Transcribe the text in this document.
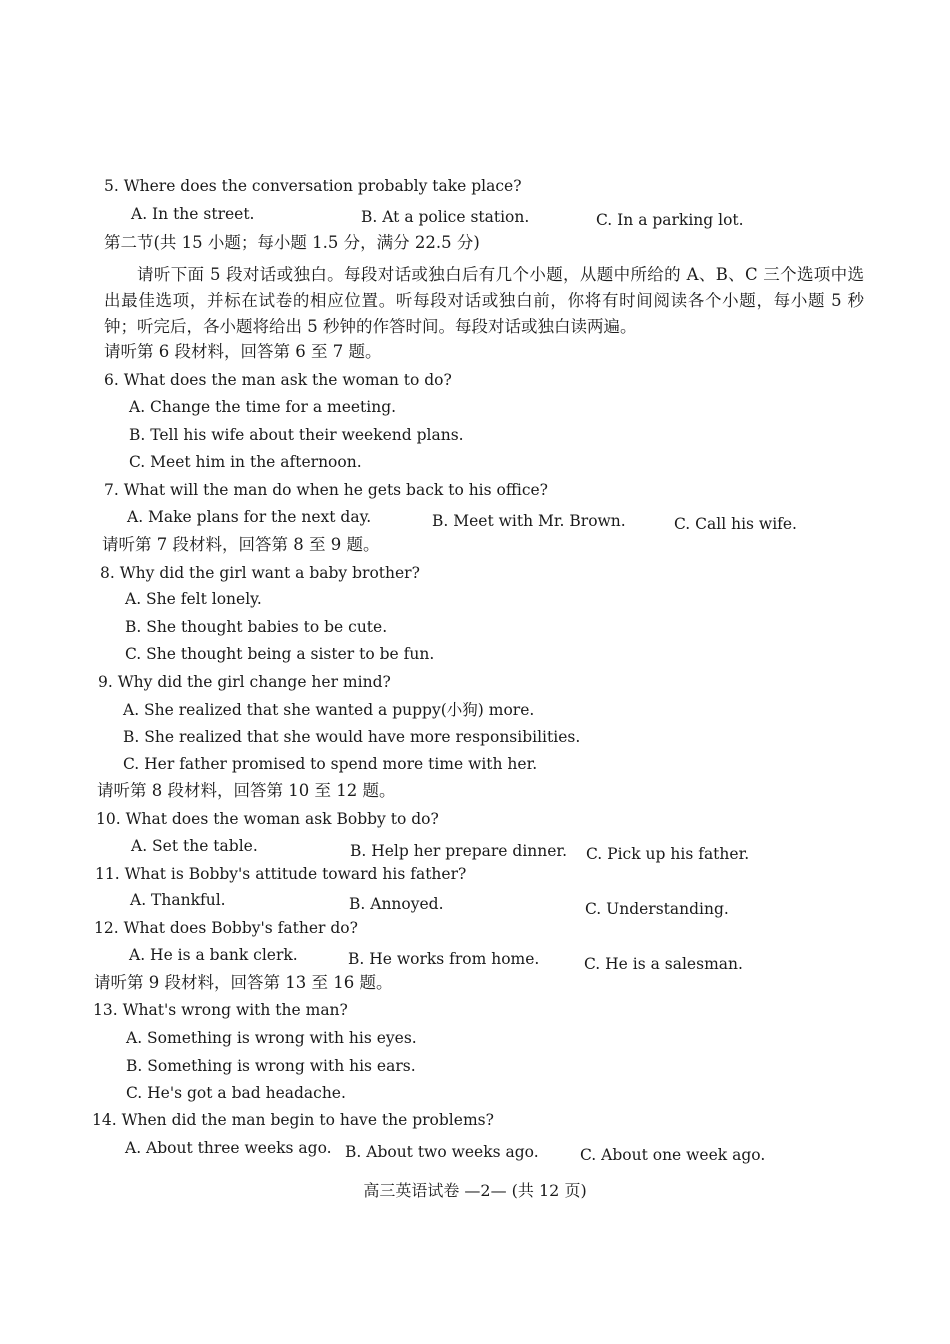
5. Where does the conversation probably take place?
A. In the street.	B. At a police station.	C. In a parking lot.
第二节(共 15 小题；每小题 1.5 分，满分 22.5 分)
请听下面 5 段对话或独白。每段对话或独白后有几个小题，从题中所给的 A、B、C 三个选项中选出最佳选项，并标在试卷的相应位置。听每段对话或独白前，你将有时间阅读各个小题，每小题 5 秒钟；听完后，各小题将给出 5 秒钟的作答时间。每段对话或独白读两遍。
请听第 6 段材料，回答第 6 至 7 题。
6. What does the man ask the woman to do?
A. Change the time for a meeting.
B. Tell his wife about their weekend plans.
C. Meet him in the afternoon.
7. What will the man do when he gets back to his office?
A. Make plans for the next day.	B. Meet with Mr. Brown.	C. Call his wife.
请听第 7 段材料，回答第 8 至 9 题。
8. Why did the girl want a baby brother?
A. She felt lonely.
B. She thought babies to be cute.
C. She thought being a sister to be fun.
9. Why did the girl change her mind?
A. She realized that she wanted a puppy(小狗) more.
B. She realized that she would have more responsibilities.
C. Her father promised to spend more time with her.
请听第 8 段材料，回答第 10 至 12 题。
10. What does the woman ask Bobby to do?
A. Set the table.	B. Help her prepare dinner. C. Pick up his father.
11. What is Bobby's attitude toward his father?
A. Thankful.	B. Annoyed.	C. Understanding.
12. What does Bobby's father do?
A. He is a bank clerk.	B. He works from home.	C. He is a salesman.
请听第 9 段材料，回答第 13 至 16 题。
13. What's wrong with the man?
A. Something is wrong with his eyes.
B. Something is wrong with his ears.
C. He's got a bad headache.
14. When did the man begin to have the problems?
A. About three weeks ago. B. About two weeks ago.	C. About one week ago.
高三英语试卷 —2— (共 12 页)
